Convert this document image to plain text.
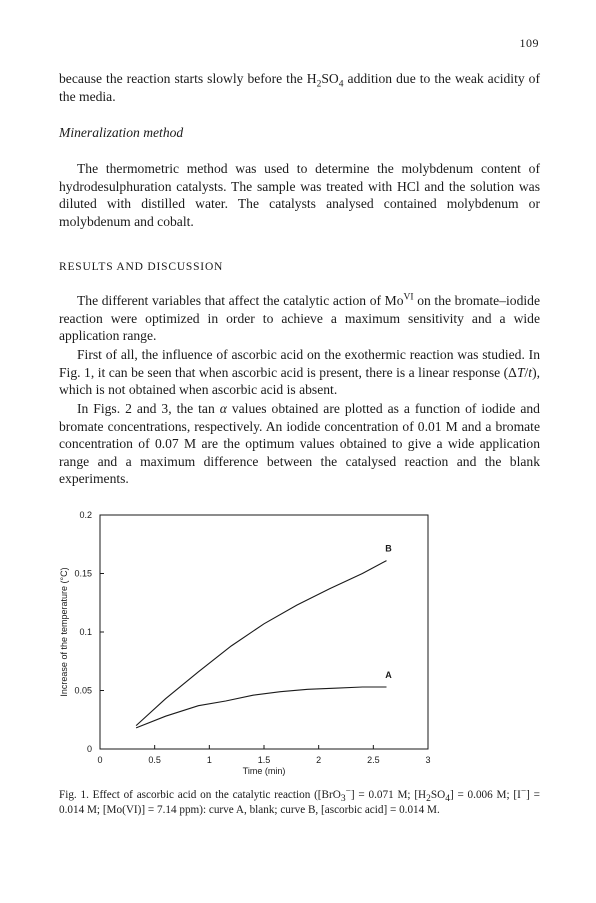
109

because the reaction starts slowly before the $H_2SO_4$ addition due to the weak acidity of the media.

Mineralization method

The thermometric method was used to determine the molybdenum content of hydrodesulphuration catalysts. The sample was treated with HCl and the solution was diluted with distilled water. The catalysts analysed contained molybdenum or molybdenum and cobalt.

RESULTS AND DISCUSSION

The different variables that affect the catalytic action of $Mo^{VI}$ on the bromate–iodide reaction were optimized in order to achieve a maximum sensitivity and a wide application range.

First of all, the influence of ascorbic acid on the exothermic reaction was studied. In Fig. 1, it can be seen that when ascorbic acid is present, there is a linear response (ΔT/t), which is not obtained when ascorbic acid is absent.

In Figs. 2 and 3, the tan α values obtained are plotted as a function of iodide and bromate concentrations, respectively. An iodide concentration of 0.01 M and a bromate concentration of 0.07 M are the optimum values obtained to give a wide application range and a maximum difference between the catalysed reaction and the blank experiments.

0	0.5	1	1.5	2	2.5	3
0
0.05
0.1
0.15
0.2
Time (min)
Increase of the temperature (°C)	A
B

Fig. 1. Effect of ascorbic acid on the catalytic reaction ([BrO$_3$−] = 0.071 M; $[H_2SO_4] = 0.006$ M; [I−] = 0.014 M; [Mo(VI)] = 7.14 ppm): curve A, blank; curve B, [ascorbic acid] = 0.014 M.
